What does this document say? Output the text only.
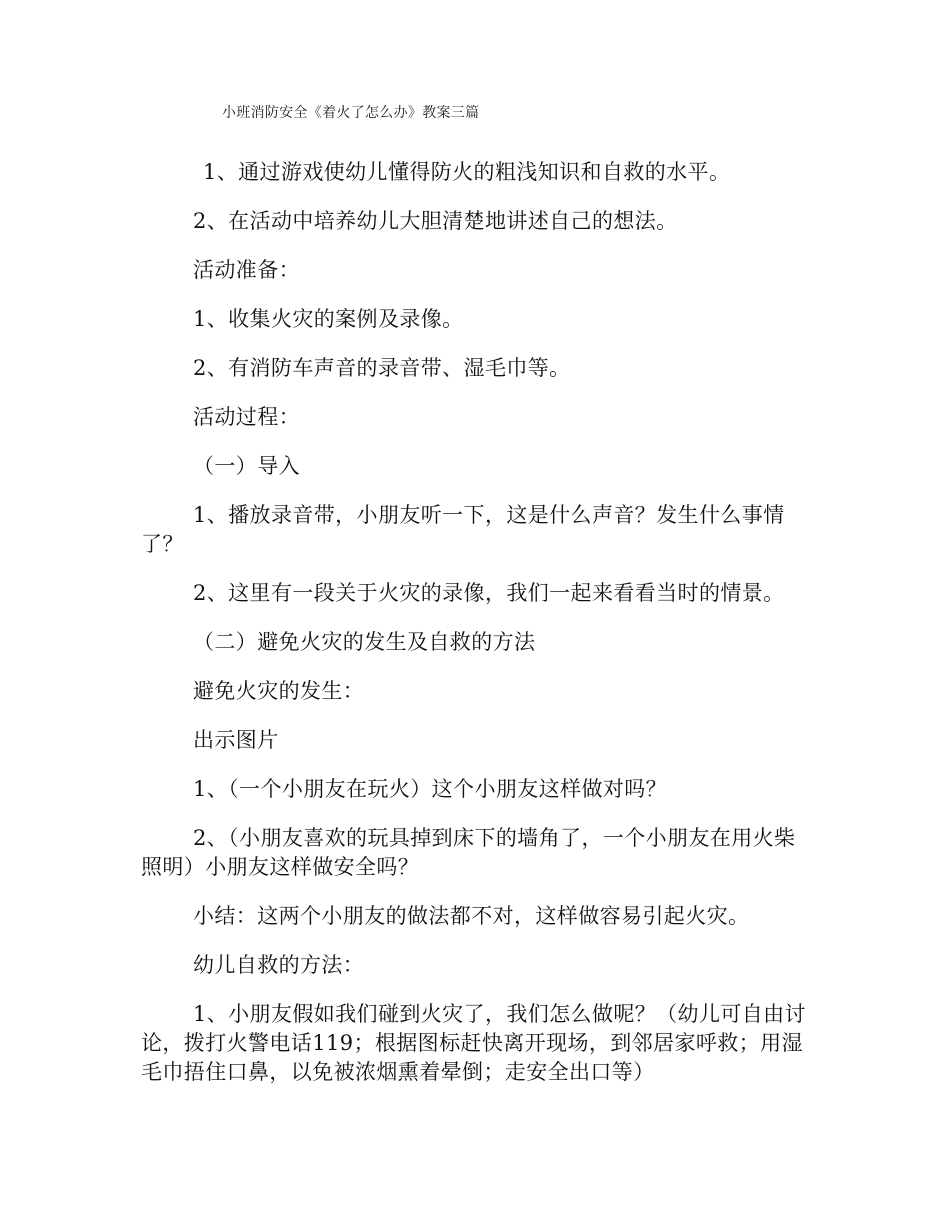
小班消防安全《着火了怎么办》教案三篇

1、通过游戏使幼儿懂得防火的粗浅知识和自救的水平。

2、在活动中培养幼儿大胆清楚地讲述自己的想法。

活动准备：

1、收集火灾的案例及录像。

2、有消防车声音的录音带、湿毛巾等。

活动过程：

（一）导入

1、播放录音带，小朋友听一下，这是什么声音？发生什么事情了？

2、这里有一段关于火灾的录像，我们一起来看看当时的情景。

（二）避免火灾的发生及自救的方法

避免火灾的发生：

出示图片

1、（一个小朋友在玩火）这个小朋友这样做对吗？

2、（小朋友喜欢的玩具掉到床下的墙角了，一个小朋友在用火柴照明）小朋友这样做安全吗？

小结：这两个小朋友的做法都不对，这样做容易引起火灾。

幼儿自救的方法：

1、小朋友假如我们碰到火灾了，我们怎么做呢？（幼儿可自由讨论，拨打火警电话119；根据图标赶快离开现场，到邻居家呼救；用湿毛巾捂住口鼻，以免被浓烟熏着晕倒；走安全出口等）
